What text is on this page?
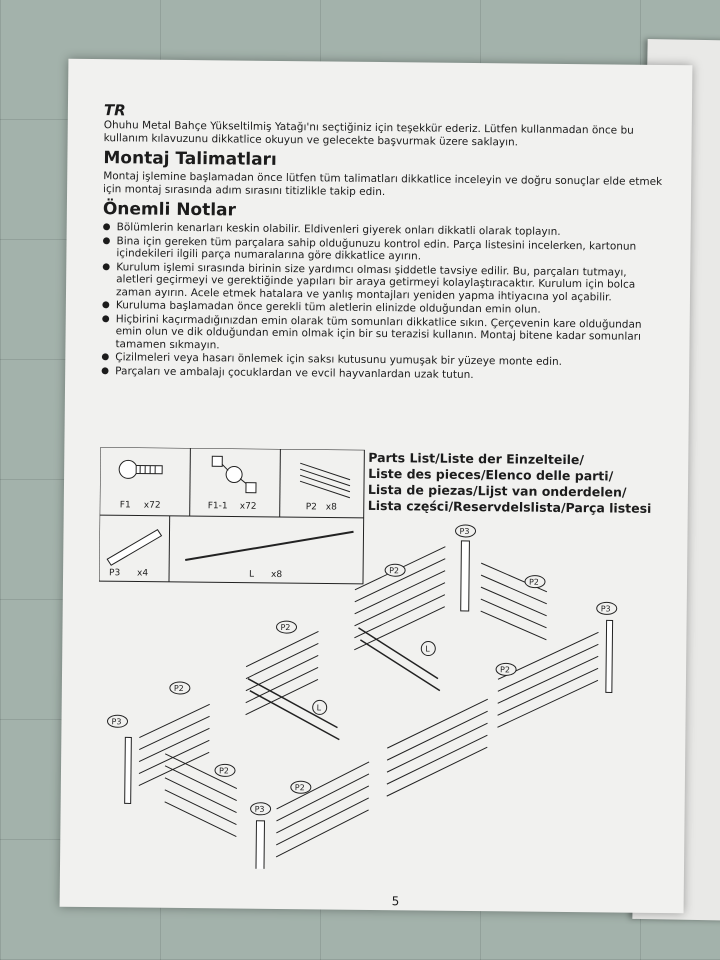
TR

Ohuhu Metal Bahçe Yükseltilmiş Yatağı'nı seçtiğiniz için teşekkür ederiz. Lütfen kullanmadan önce bu kullanım kılavuzunu dikkatlice okuyun ve gelecekte başvurmak üzere saklayın.

Montaj Talimatları

Montaj işlemine başlamadan önce lütfen tüm talimatları dikkatlice inceleyin ve doğru sonuçlar elde etmek için montaj sırasında adım sırasını titizlikle takip edin.

Önemli Notlar
● Bölümlerin kenarları keskin olabilir. Eldivenleri giyerek onları dikkatli olarak toplayın.
● Bina için gereken tüm parçalara sahip olduğunuzu kontrol edin. Parça listesini incelerken, kartonun içindekileri ilgili parça numaralarına göre dikkatlice ayırın.
● Kurulum işlemi sırasında birinin size yardımcı olması şiddetle tavsiye edilir. Bu, parçaları tutmayı, aletleri geçirmeyi ve gerektiğinde yapıları bir araya getirmeyi kolaylaştıracaktır. Kurulum için bolca zaman ayırın. Acele etmek hatalara ve yanlış montajları yeniden yapma ihtiyacına yol açabilir.
● Kuruluma başlamadan önce gerekli tüm aletlerin elinizde olduğundan emin olun.
● Hiçbirini kaçırmadığınızdan emin olarak tüm somunları dikkatlice sıkın. Çerçevenin kare olduğundan emin olun ve dik olduğundan emin olmak için bir su terazisi kullanın. Montaj bitene kadar somunları tamamen sıkmayın.
● Çizilmeleri veya hasarı önlemek için saksı kutusunu yumuşak bir yüzeye monte edin.
● Parçaları ve ambalajı çocuklardan ve evcil hayvanlardan uzak tutun.
Parts List/Liste der Einzelteile/
Liste des pieces/Elenco delle parti/
Lista de piezas/Lijst van onderdelen/
Lista części/Reservdelslista/Parça listesi
F1 x72	F1-1 x72	P2 x8
P3 x4	L x8
P3
P2
P2
P2
P2
P3
L
L
P2
P3
P2
P3
P2
5
